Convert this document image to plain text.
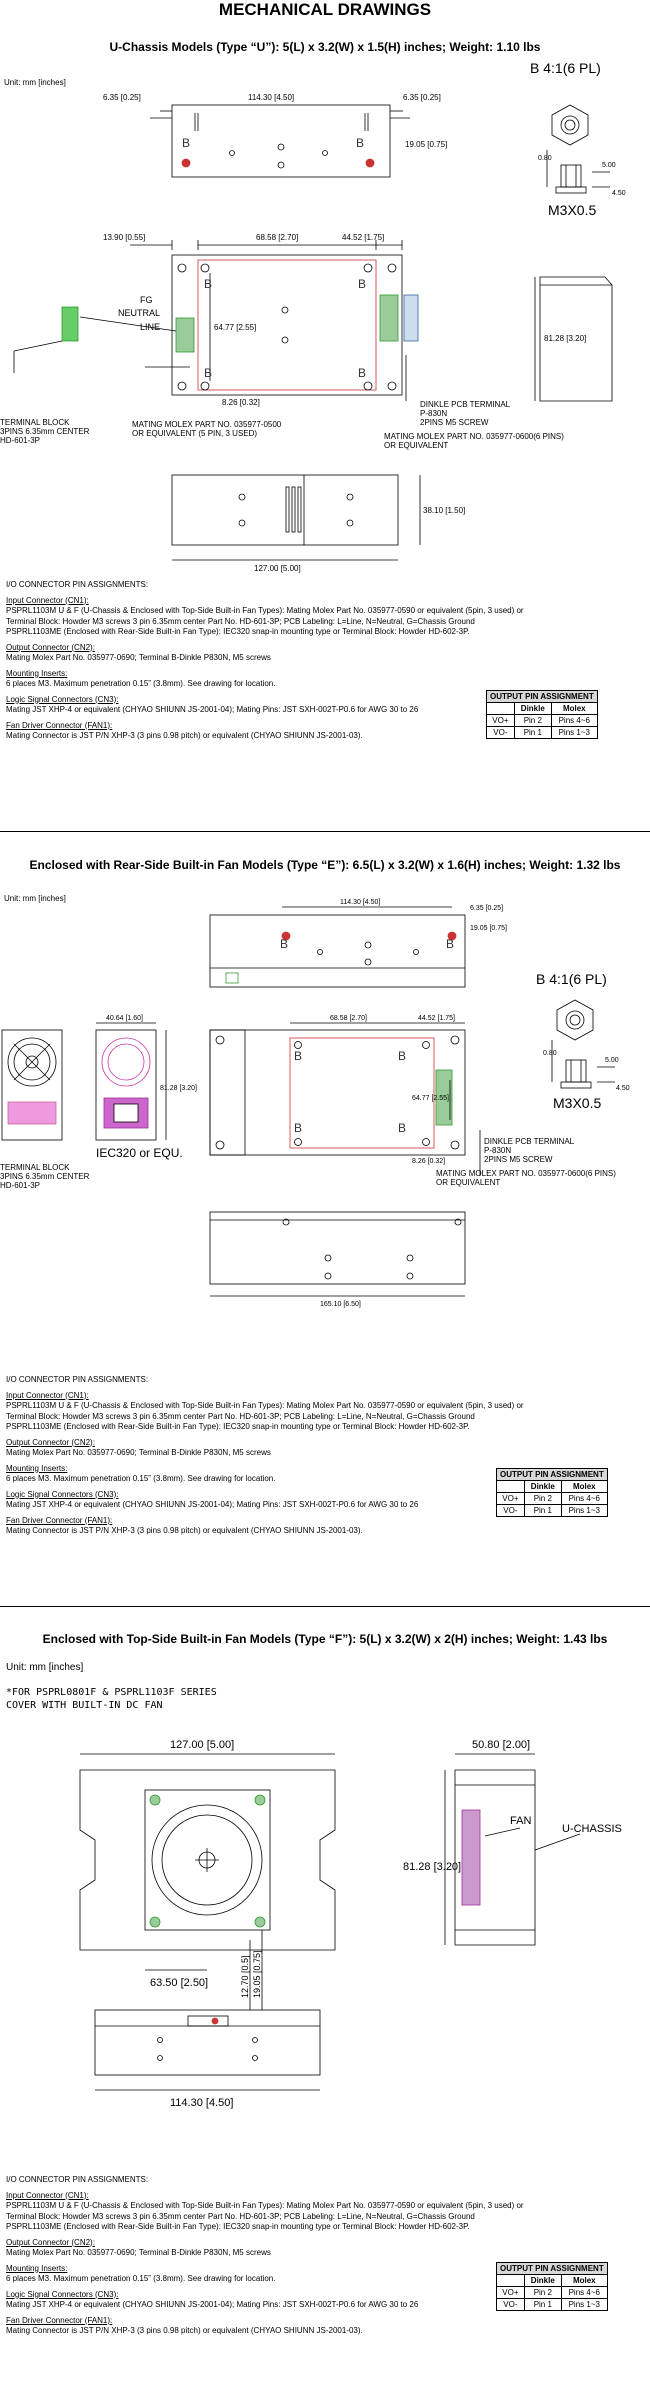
MECHANICAL DRAWINGS
U-Chassis Models (Type “U”): 5(L) x 3.2(W) x 1.5(H) inches; Weight: 1.10 lbs
Unit: mm [inches]
6.35 [0.25]	114.30 [4.50]	6.35 [0.25]
19.05 [0.75]
13.90 [0.55]	68.58 [2.70]	44.52 [1.75]
64.77 [2.55]
81.28 [3.20]
8.26 [0.32]
38.10 [1.50]
127.00 [5.00]
FG
NEUTRAL
LINE
TERMINAL BLOCK
3PINS 6.35mm CENTER
HD-601-3P
MATING MOLEX PART NO. 035977-0500
OR EQUIVALENT (5 PIN, 3 USED)
DINKLE PCB TERMINAL
P-830N
2PINS M5 SCREW
MATING MOLEX PART NO. 035977-0600(6 PINS)
OR EQUIVALENT
B 4:1(6 PL)
M3X0.5
0.80
5.00
4.50
B	B
B
B
B
B

I/O CONNECTOR PIN ASSIGNMENTS:

Input Connector (CN1):

PSPRL1103M U & F (U-Chassis & Enclosed with Top-Side Built-in Fan Types): Mating Molex Part No. 035977-0590 or equivalent (5pin, 3 used) or

Terminal Block: Howder M3 screws 3 pin 6.35mm center Part No. HD-601-3P; PCB Labeling: L=Line, N=Neutral, G=Chassis Ground

PSPRL1103ME (Enclosed with Rear-Side Built-in Fan Type): IEC320 snap-in mounting type or Terminal Block: Howder HD-602-3P.

Output Connector (CN2):

Mating Molex Part No. 035977-0690; Terminal B-Dinkle P830N, M5 screws

Mounting Inserts:

6 places M3. Maximum penetration 0.15” (3.8mm). See drawing for location.

Logic Signal Connectors (CN3):

Mating JST XHP-4 or equivalent (CHYAO SHIUNN JS-2001-04); Mating Pins: JST SXH-002T-P0.6 for AWG 30 to 26

Fan Driver Connector (FAN1):

Mating Connector is JST P/N XHP-3 (3 pins 0.98 pitch) or equivalent (CHYAO SHIUNN JS-2001-03).

OUTPUT PIN ASSIGNMENT		
	Dinkle	Molex
VO+	Pin 2	Pins 4~6
VO-	Pin 1	Pins 1~3
Enclosed with Rear-Side Built-in Fan Models (Type “E”): 6.5(L) x 3.2(W) x 1.6(H) inches; Weight: 1.32 lbs
Unit: mm [inches]	114.30 [4.50]
6.35 [0.25]
19.05 [0.75]
40.64 [1.60]
81.28 [3.20]
68.58 [2.70]	44.52 [1.75]
64.77 [2.55]
8.26 [0.32]
165.10 [6.50]
IEC320 or EQU.
TERMINAL BLOCK
3PINS 6.35mm CENTER
HD-601-3P
DINKLE PCB TERMINAL
P-830N
2PINS M5 SCREW
MATING MOLEX PART NO. 035977-0600(6 PINS)
OR EQUIVALENT
B 4:1(6 PL)
M3X0.5
0.80
5.00
4.50
B	B
B
B
B
B

I/O CONNECTOR PIN ASSIGNMENTS:

Input Connector (CN1):

PSPRL1103M U & F (U-Chassis & Enclosed with Top-Side Built-in Fan Types): Mating Molex Part No. 035977-0590 or equivalent (5pin, 3 used) or

Terminal Block: Howder M3 screws 3 pin 6.35mm center Part No. HD-601-3P; PCB Labeling: L=Line, N=Neutral, G=Chassis Ground

PSPRL1103ME (Enclosed with Rear-Side Built-in Fan Type): IEC320 snap-in mounting type or Terminal Block: Howder HD-602-3P.

Output Connector (CN2):

Mating Molex Part No. 035977-0690; Terminal B-Dinkle P830N, M5 screws

Mounting Inserts:

6 places M3. Maximum penetration 0.15” (3.8mm). See drawing for location.

Logic Signal Connectors (CN3):

Mating JST XHP-4 or equivalent (CHYAO SHIUNN JS-2001-04); Mating Pins: JST SXH-002T-P0.6 for AWG 30 to 26

Fan Driver Connector (FAN1):

Mating Connector is JST P/N XHP-3 (3 pins 0.98 pitch) or equivalent (CHYAO SHIUNN JS-2001-03).

OUTPUT PIN ASSIGNMENT		
	Dinkle	Molex
VO+	Pin 2	Pins 4~6
VO-	Pin 1	Pins 1~3
Enclosed with Top-Side Built-in Fan Models (Type “F”): 5(L) x 3.2(W) x 2(H) inches; Weight: 1.43 lbs
Unit: mm [inches]
*FOR PSPRL0801F & PSPRL1103F SERIES
COVER WITH BUILT-IN DC FAN
127.00 [5.00]	50.80 [2.00]
81.28 [3.20]
63.50 [2.50]	12.70 [0.5] 19.05 [0.75]
114.30 [4.50]
FAN
U-CHASSIS

I/O CONNECTOR PIN ASSIGNMENTS:

Input Connector (CN1):

PSPRL1103M U & F (U-Chassis & Enclosed with Top-Side Built-in Fan Types): Mating Molex Part No. 035977-0590 or equivalent (5pin, 3 used) or

Terminal Block: Howder M3 screws 3 pin 6.35mm center Part No. HD-601-3P; PCB Labeling: L=Line, N=Neutral, G=Chassis Ground

PSPRL1103ME (Enclosed with Rear-Side Built-in Fan Type): IEC320 snap-in mounting type or Terminal Block: Howder HD-602-3P.

Output Connector (CN2):

Mating Molex Part No. 035977-0690; Terminal B-Dinkle P830N, M5 screws

Mounting Inserts:

6 places M3. Maximum penetration 0.15” (3.8mm). See drawing for location.

Logic Signal Connectors (CN3):

Mating JST XHP-4 or equivalent (CHYAO SHIUNN JS-2001-04); Mating Pins: JST SXH-002T-P0.6 for AWG 30 to 26

Fan Driver Connector (FAN1):

Mating Connector is JST P/N XHP-3 (3 pins 0.98 pitch) or equivalent (CHYAO SHIUNN JS-2001-03).

OUTPUT PIN ASSIGNMENT		
	Dinkle	Molex
VO+	Pin 2	Pins 4~6
VO-	Pin 1	Pins 1~3
